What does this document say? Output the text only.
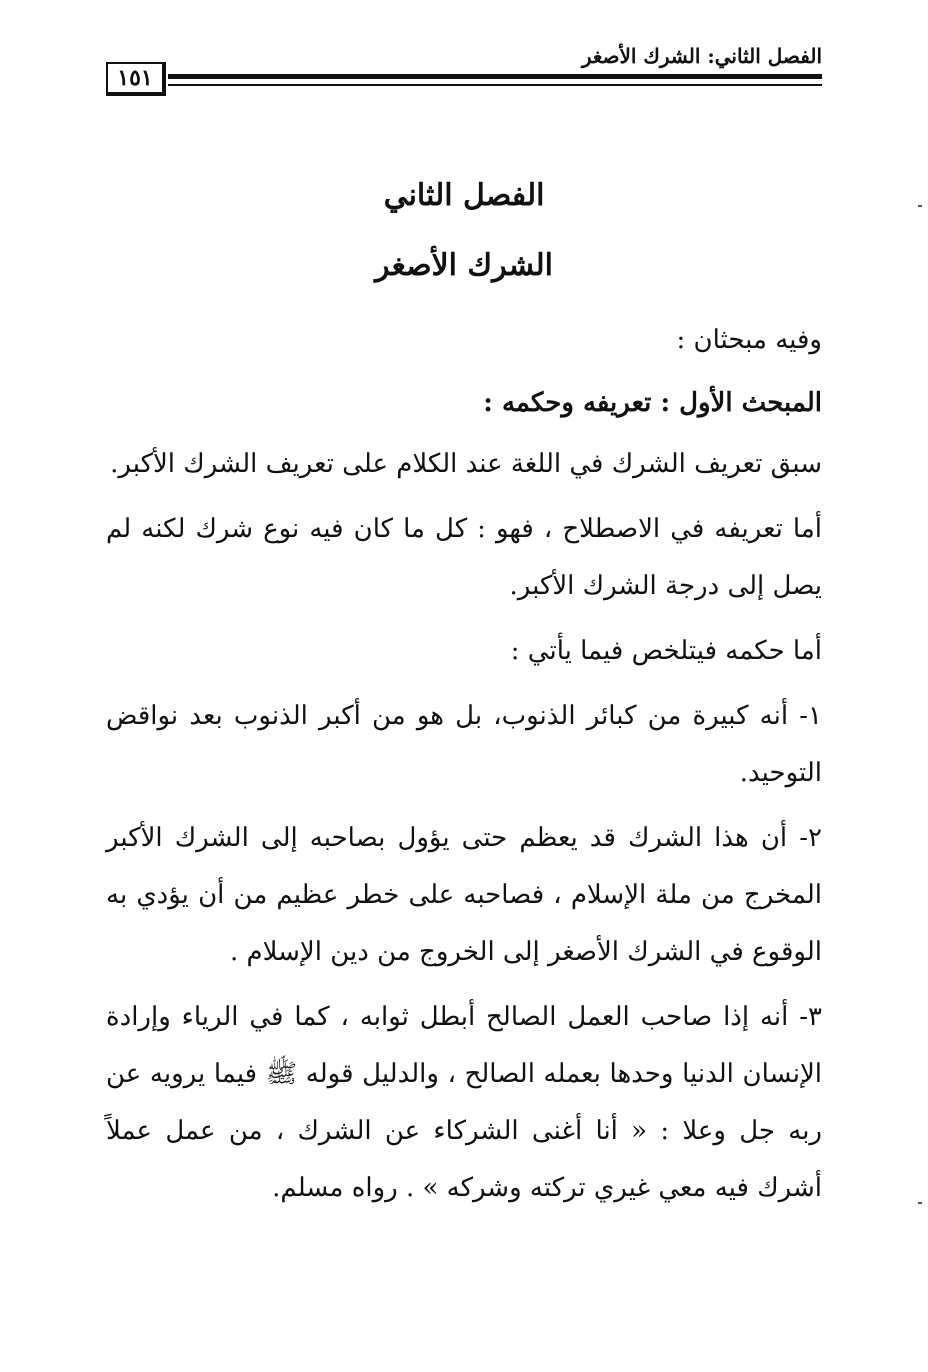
الفصل الثاني: الشرك الأصغر
١٥١
الفصل الثاني
الشرك الأصغر

وفيه مبحثان :

المبحث الأول : تعريفه وحكمه :

سبق تعريف الشرك في اللغة عند الكلام على تعريف الشرك الأكبر.

أما تعريفه في الاصطلاح ، فهو : كل ما كان فيه نوع شرك لكنه لم يصل إلى درجة الشرك الأكبر.

أما حكمه فيتلخص فيما يأتي :

١- أنه كبيرة من كبائر الذنوب، بل هو من أكبر الذنوب بعد نواقض التوحيد.

٢- أن هذا الشرك قد يعظم حتى يؤول بصاحبه إلى الشرك الأكبر المخرج من ملة الإسلام ، فصاحبه على خطر عظيم من أن يؤدي به الوقوع في الشرك الأصغر إلى الخروج من دين الإسلام .

٣- أنه إذا صاحب العمل الصالح أبطل ثوابه ، كما في الرياء وإرادة الإنسان الدنيا وحدها بعمله الصالح ، والدليل قوله ﷺ فيما يرويه عن ربه جل وعلا : « أنا أغنى الشركاء عن الشرك ، من عمل عملاً أشرك فيه معي غيري تركته وشركه » . رواه مسلم.
